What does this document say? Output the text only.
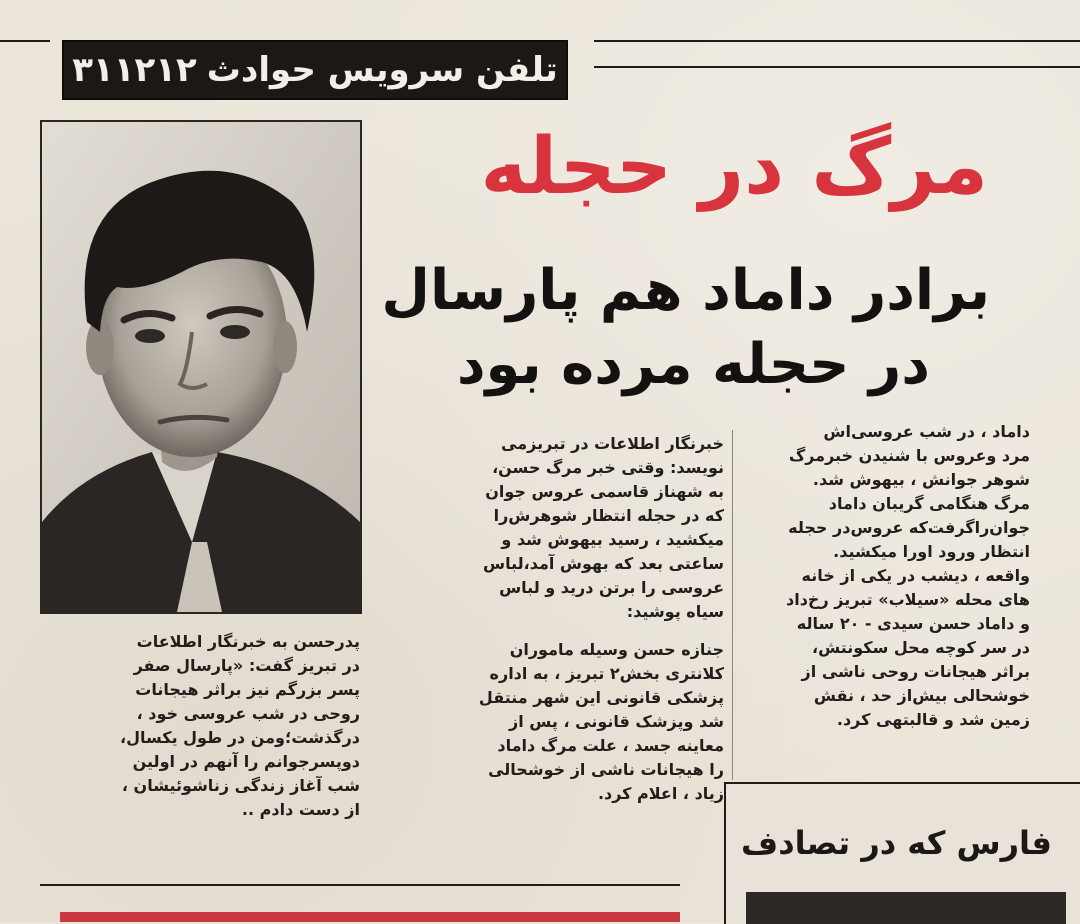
۳۱۱۲۱۲ تلفن سرویس حوادث
مرگ در حجله
برادر داماد هم پارسال
در حجله مرده بود

داماد ، در شب عروسی‌اش
مرد وعروس با شنیدن خبرمرگ
شوهر جوانش ، بیهوش شد.
مرگ هنگامی گریبان داماد
جوان‌راگرفت‌که عروس‌در حجله
انتظار ورود اورا میکشید.
واقعه ، دیشب در یکی از خانه
های محله «سیلاب» تبریز رخ‌داد
و داماد حسن سیدی - ۲۰ ساله
در سر کوچه محل سکونتش،
براثر هیجانات روحی ناشی از
خوشحالی بیش‌از حد ، نقش
زمین شد و قالبتهی کرد.

خبرنگار اطلاعات در تبریزمی
نویسد: وقتی خبر مرگ حسن،
به شهناز قاسمی عروس جوان
که در حجله انتظار شوهرش‌را
میکشید ، رسید بیهوش شد و
ساعتی بعد که بهوش آمد،لباس
عروسی را برتن درید و لباس
سیاه پوشید:

جنازه حسن وسیله ماموران
کلانتری بخش۲ تبریز ، به اداره
پزشکی قانونی این شهر منتقل
شد وپزشک قانونی ، پس از
معاینه جسد ، علت مرگ داماد
را هیجانات ناشی از خوشحالی
زیاد ، اعلام کرد.

پدرحسن به خبرنگار اطلاعات
در تبریز گفت: «پارسال صفر
پسر بزرگم نیز براثر هیجانات
روحی در شب عروسی خود ،
درگذشت؛ومن در طول یکسال،
دوپسرجوانم را آنهم در اولین
شب آغاز زندگی زناشوئیشان ،
از دست دادم ..

فارس که در تصادف
